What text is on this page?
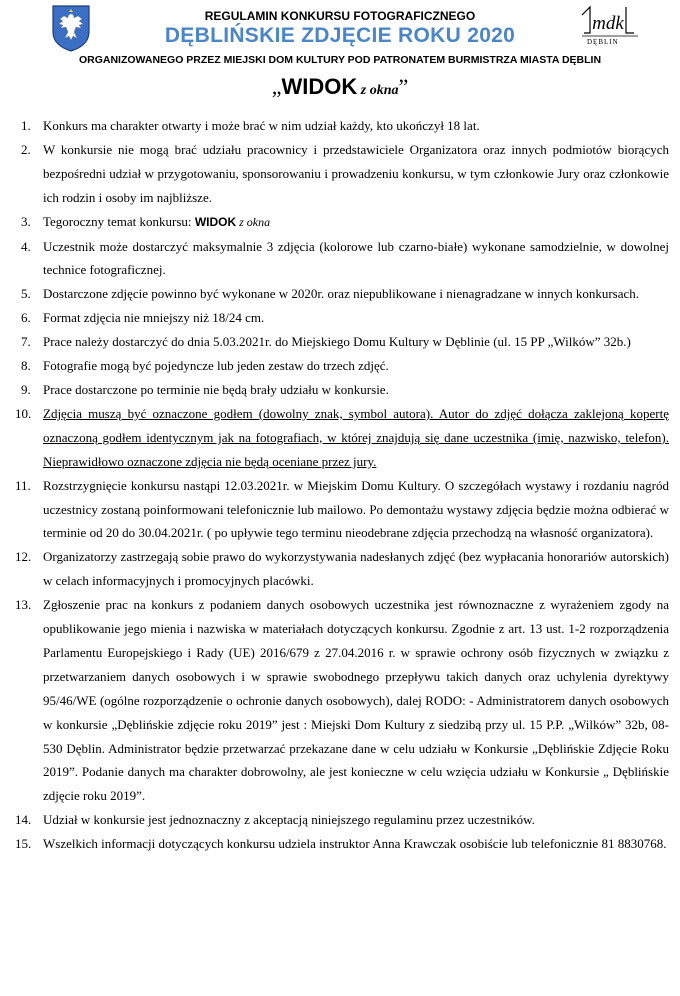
REGULAMIN KONKURSU FOTOGRAFICZNEGO
DĘBLIŃSKIE ZDJĘCIE ROKU 2020
ORGANIZOWANEGO PRZEZ MIEJSKI DOM KULTURY POD PATRONATEM BURMISTRZA MIASTA DĘBLIN
„WIDOK z okna”
mdk
DĘBLIN
1. Konkurs ma charakter otwarty i może brać w nim udział każdy, kto ukończył 18 lat.
2. W konkursie nie mogą brać udziału pracownicy i przedstawiciele Organizatora oraz innych podmiotów biorących bezpośredni udział w przygotowaniu, sponsorowaniu i prowadzeniu konkursu, w tym członkowie Jury oraz członkowie ich rodzin i osoby im najbliższe.
3. Tegoroczny temat konkursu: WIDOK z okna
4. Uczestnik może dostarczyć maksymalnie 3 zdjęcia (kolorowe lub czarno-białe) wykonane samodzielnie, w dowolnej technice fotograficznej.
5. Dostarczone zdjęcie powinno być wykonane w 2020r. oraz niepublikowane i nienagradzane w innych konkursach.
6. Format zdjęcia nie mniejszy niż 18/24 cm.
7. Prace należy dostarczyć do dnia 5.03.2021r. do Miejskiego Domu Kultury w Dęblinie (ul. 15 PP „Wilków” 32b.)
8. Fotografie mogą być pojedyncze lub jeden zestaw do trzech zdjęć.
9. Prace dostarczone po terminie nie będą brały udziału w konkursie.
10. Zdjęcia muszą być oznaczone godłem (dowolny znak, symbol autora). Autor do zdjęć dołącza zaklejoną kopertę oznaczoną godłem identycznym jak na fotografiach, w której znajdują się dane uczestnika (imię, nazwisko, telefon). Nieprawidłowo oznaczone zdjęcia nie będą oceniane przez jury.
11. Rozstrzygnięcie konkursu nastąpi 12.03.2021r. w Miejskim Domu Kultury. O szczegółach wystawy i rozdaniu nagród uczestnicy zostaną poinformowani telefonicznie lub mailowo. Po demontażu wystawy zdjęcia będzie można odbierać w terminie od 20 do 30.04.2021r. ( po upływie tego terminu nieodebrane zdjęcia przechodzą na własność organizatora).
12. Organizatorzy zastrzegają sobie prawo do wykorzystywania nadesłanych zdjęć (bez wypłacania honorariów autorskich) w celach informacyjnych i promocyjnych placówki.
13. Zgłoszenie prac na konkurs z podaniem danych osobowych uczestnika jest równoznaczne z wyrażeniem zgody na opublikowanie jego mienia i nazwiska w materiałach dotyczących konkursu. Zgodnie z art. 13 ust. 1-2 rozporządzenia Parlamentu Europejskiego i Rady (UE) 2016/679 z 27.04.2016 r. w sprawie ochrony osób fizycznych w związku z przetwarzaniem danych osobowych i w sprawie swobodnego przepływu takich danych oraz uchylenia dyrektywy 95/46/WE (ogólne rozporządzenie o ochronie danych osobowych), dalej RODO: - Administratorem danych osobowych w konkursie „Dęblińskie zdjęcie roku 2019” jest : Miejski Dom Kultury z siedzibą przy ul. 15 P.P. „Wilków” 32b, 08-530 Dęblin. Administrator będzie przetwarzać przekazane dane w celu udziału w Konkursie „Dęblińskie Zdjęcie Roku 2019”. Podanie danych ma charakter dobrowolny, ale jest konieczne w celu wzięcia udziału w Konkursie „ Dęblińskie zdjęcie roku 2019”.
14. Udział w konkursie jest jednoznaczny z akceptacją niniejszego regulaminu przez uczestników.
15. Wszelkich informacji dotyczących konkursu udziela instruktor Anna Krawczak osobiście lub telefonicznie 81 8830768.
